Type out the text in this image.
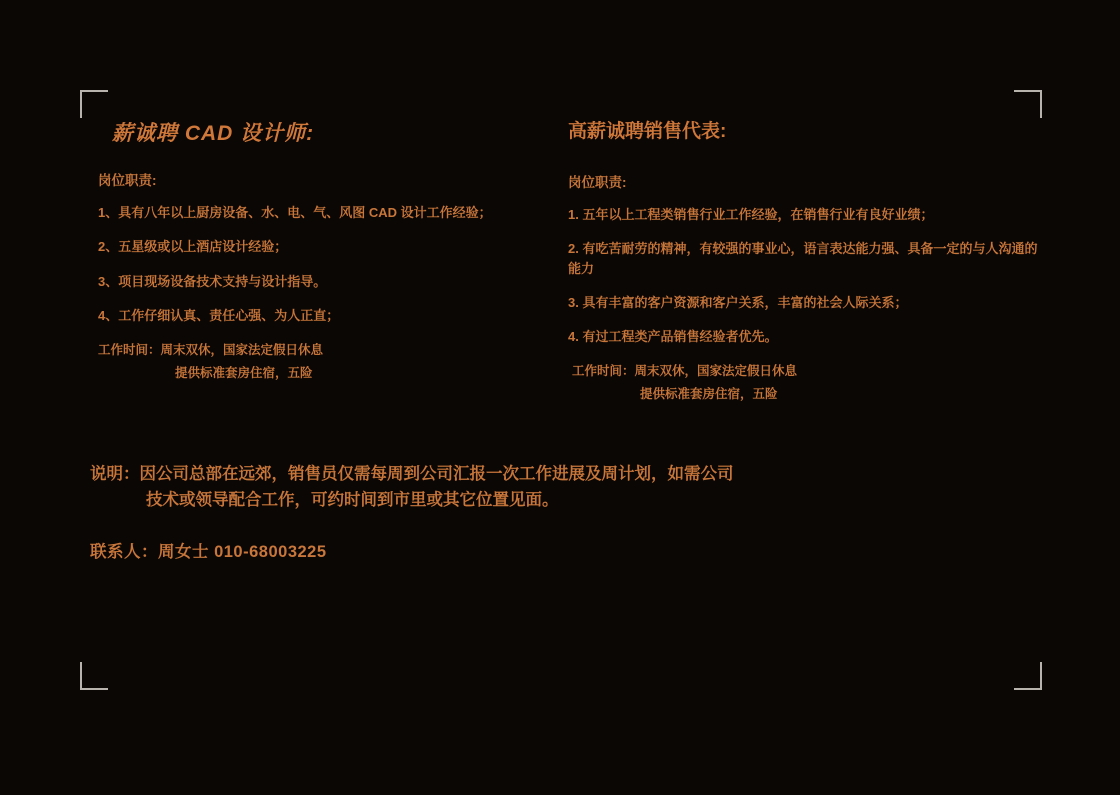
薪诚聘 CAD 设计师:

岗位职责:

1、具有八年以上厨房设备、水、电、气、风图 CAD 设计工作经验；

2、五星级或以上酒店设计经验；

3、项目现场设备技术支持与设计指导。

4、工作仔细认真、责任心强、为人正直；

工作时间：周末双休，国家法定假日休息

提供标准套房住宿，五险

高薪诚聘销售代表:

岗位职责:

1. 五年以上工程类销售行业工作经验，在销售行业有良好业绩；

2. 有吃苦耐劳的精神，有较强的事业心，语言表达能力强、具备一定的与人沟通的能力

3. 具有丰富的客户资源和客户关系，丰富的社会人际关系；

4. 有过工程类产品销售经验者优先。

工作时间：周末双休，国家法定假日休息

提供标准套房住宿，五险

说明：因公司总部在远郊，销售员仅需每周到公司汇报一次工作进展及周计划，如需公司

技术或领导配合工作，可约时间到市里或其它位置见面。

联系人：周女士 010-68003225
